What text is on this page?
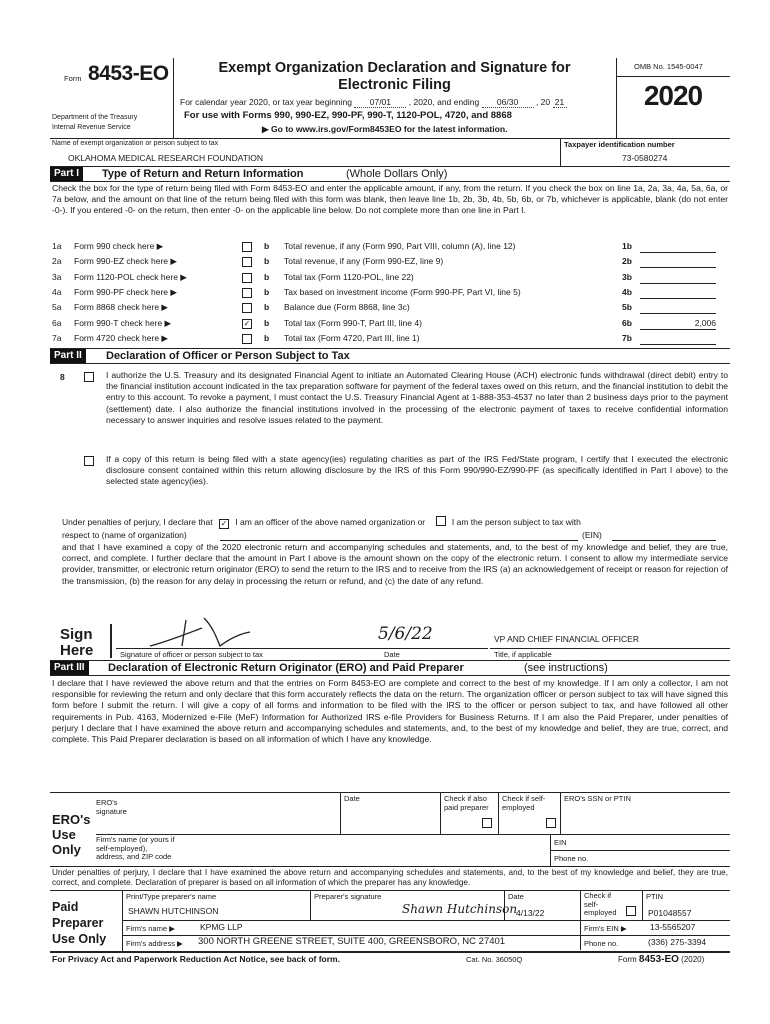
Form 8453-EO
Department of the Treasury
Internal Revenue Service
Exempt Organization Declaration and Signature for
Electronic Filing
For calendar year 2020, or tax year beginning 07/01 , 2020, and ending 06/30 , 20 21
For use with Forms 990, 990-EZ, 990-PF, 990-T, 1120-POL, 4720, and 8868
▶ Go to www.irs.gov/Form8453EO for the latest information.
OMB No. 1545-0047
2020
Name of exempt organization or person subject to tax
OKLAHOMA MEDICAL RESEARCH FOUNDATION
Taxpayer identification number
73-0580274
Part I	Type of Return and Return Information	(Whole Dollars Only)
Check the box for the type of return being filed with Form 8453-EO and enter the applicable amount, if any, from the return. If you check the box on line 1a, 2a, 3a, 4a, 5a, 6a, or 7a below, and the amount on that line of the return being filed with this form was blank, then leave line 1b, 2b, 3b, 4b, 5b, 6b, or 7b, whichever is applicable, blank (do not enter -0-). If you entered -0- on the return, then enter -0- on the applicable line below. Do not complete more than one line in Part I.
1a Form 990 check here ▶	b Total revenue, if any (Form 990, Part VIII, column (A), line 12)	1b
2a Form 990-EZ check here ▶	b Total revenue, if any (Form 990-EZ, line 9)	2b
3a Form 1120-POL check here ▶	b Total tax (Form 1120-POL, line 22)	3b
4a Form 990-PF check here ▶	b Tax based on investment income (Form 990-PF, Part VI, line 5)	4b
5a Form 8868 check here ▶	b Balance due (Form 8868, line 3c)	5b
6a Form 990-T check here ▶	✓ b Total tax (Form 990-T, Part III, line 4)	6b	2,006
7a Form 4720 check here ▶	b Total tax (Form 4720, Part III, line 1)	7b
Part II	Declaration of Officer or Person Subject to Tax
8	I authorize the U.S. Treasury and its designated Financial Agent to initiate an Automated Clearing House (ACH) electronic funds withdrawal (direct debit) entry to the financial institution account indicated in the tax preparation software for payment of the federal taxes owed on this return, and the financial institution to debit the entry to this account. To revoke a payment, I must contact the U.S. Treasury Financial Agent at 1-888-353-4537 no later than 2 business days prior to the payment (settlement) date. I also authorize the financial institutions involved in the processing of the electronic payment of taxes to receive confidential information necessary to answer inquiries and resolve issues related to the payment.
If a copy of this return is being filed with a state agency(ies) regulating charities as part of the IRS Fed/State program, I certify that I executed the electronic disclosure consent contained within this return allowing disclosure by the IRS of this Form 990/990-EZ/990-PF (as specifically identified in Part I above) to the selected state agency(ies).
Under penalties of perjury, I declare that ✓ I am an officer of the above named organization or	I am the person subject to tax with
respect to (name of organization)	(EIN)
and that I have examined a copy of the 2020 electronic return and accompanying schedules and statements, and, to the best of my knowledge and belief, they are true, correct, and complete. I further declare that the amount in Part I above is the amount shown on the copy of the electronic return. I consent to allow my intermediate service provider, transmitter, or electronic return originator (ERO) to send the return to the IRS and to receive from the IRS (a) an acknowledgement of receipt or reason for rejection of the transmission, (b) the reason for any delay in processing the return or refund, and (c) the date of any refund.
Sign
Here	Signature of officer or person subject to tax
5/6/22
Date
VP AND CHIEF FINANCIAL OFFICER
Title, if applicable
Part III	Declaration of Electronic Return Originator (ERO) and Paid Preparer	(see instructions)
I declare that I have reviewed the above return and that the entries on Form 8453-EO are complete and correct to the best of my knowledge. If I am only a collector, I am not responsible for reviewing the return and only declare that this form accurately reflects the data on the return. The organization officer or person subject to tax will have signed this form before I submit the return. I will give a copy of all forms and information to be filed with the IRS to the officer or person subject to tax, and have followed all other requirements in Pub. 4163, Modernized e-File (MeF) Information for Authorized IRS e-file Providers for Business Returns. If I am also the Paid Preparer, under penalties of perjury I declare that I have examined the above return and accompanying schedules and statements, and, to the best of my knowledge and belief, they are true, correct, and complete. This Paid Preparer declaration is based on all information of which I have any knowledge.
ERO's Use Only
ERO's signature
Date	Check if also paid preparer
Check if self-employed
ERO's SSN or PTIN
Firm's name (or yours if self-employed), address, and ZIP code
EIN
Phone no.
Under penalties of perjury, I declare that I have examined the above return and accompanying schedules and statements, and, to the best of my knowledge and belief, they are true, correct, and complete. Declaration of preparer is based on all information of which the preparer has any knowledge.
Paid
Preparer
Use Only
Print/Type preparer's name
SHAWN HUTCHINSON
Preparer's signature
Shawn Hutchinson
Date
4/13/22
Check if self-employed
PTIN
P01048557
Firm's name ▶	KPMG LLP	Firm's EIN ▶	13-5565207
Firm's address ▶ 300 NORTH GREENE STREET, SUITE 400, GREENSBORO, NC 27401	Phone no.	(336) 275-3394
For Privacy Act and Paperwork Reduction Act Notice, see back of form.	Cat. No. 36050Q	Form 8453-EO (2020)
